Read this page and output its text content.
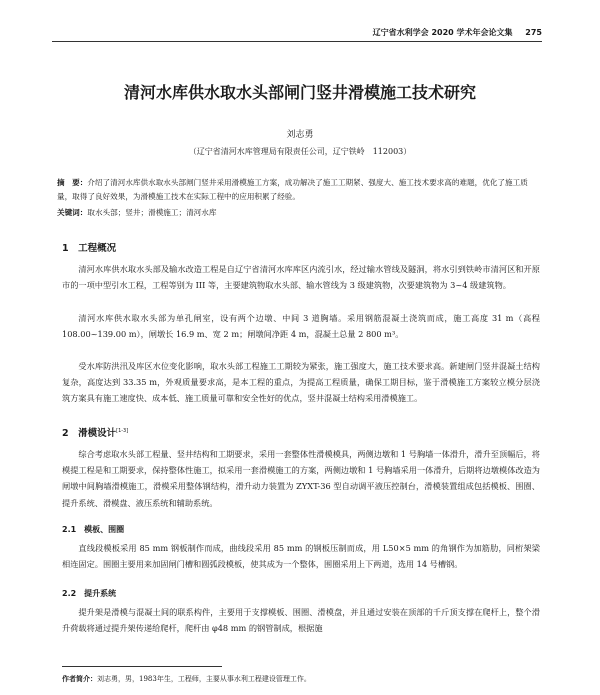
辽宁省水利学会 2020 学术年会论文集 275
清河水库供水取水头部闸门竖井滑模施工技术研究
刘志勇
（辽宁省清河水库管理局有限责任公司，辽宁铁岭　112003）
摘　要：介绍了清河水库供水取水头部闸门竖井采用滑模施工方案，成功解决了施工工期紧、强度大、施工技术要求高的难题，优化了施工质量，取得了良好效果，为滑模施工技术在实际工程中的应用积累了经验。
关键词：取水头部；竖井；滑模施工；清河水库
1　工程概况

清河水库供水取水头部及输水改造工程是自辽宁省清河水库库区内流引水，经过输水管线及隧洞，将水引到铁岭市清河区和开原市的一项中型引水工程，工程等别为 III 等，主要建筑物取水头部、输水管线为 3 级建筑物，次要建筑物为 3~4 级建筑物。

清河水库供水取水头部为单孔闸室，设有两个边墩、中间 3 道胸墙。采用钢筋混凝土浇筑而成，施工高度 31 m（高程 108.00~139.00 m），闸墩长 16.9 m、宽 2 m；闸墩间净距 4 m，混凝土总量 2 800 m³。

受水库防洪汛及库区水位变化影响，取水头部工程施工工期较为紧张，施工强度大，施工技术要求高。新建闸门竖井混凝土结构复杂，高度达到 33.35 m，外观质量要求高，是本工程的重点，为提高工程质量，确保工期目标，鉴于滑模施工方案较立模分层浇筑方案具有施工速度快、成本低、施工质量可靠和安全性好的优点，竖井混凝土结构采用滑模施工。

2　滑模设计[1-3]

综合考虑取水头部工程量、竖井结构和工期要求，采用一套整体性滑模模具，两侧边墩和 1 号胸墙一体滑升，滑升至顶幅后，将模提工程是和工期要求，保持整体性施工，拟采用一套滑模施工的方案，两侧边墩和 1 号胸墙采用一体滑升，后期将边墩模体改造为闸墩中间胸墙滑模施工，滑模采用整体钢结构，滑升动力装置为 ZYXT-36 型自动调平液压控制台，滑模装置组成包括模板、围圈、提升系统、滑模盘、液压系统和辅助系统。

2.1　模板、围圈

直线段模板采用 85 mm 钢板制作而成，曲线段采用 85 mm 的钢板压制而成，用 L50×5 mm 的角钢作为加筋肋，同桁架梁相连固定。围圈主要用来加固闸门槽和圆弧段模板，使其成为一个整体，围圈采用上下两道，选用 14 号槽钢。

2.2　提升系统

提升架是滑模与混凝土间的联系构件，主要用于支撑模板、围圈、滑模盘，并且通过安装在顶部的千斤顶支撑在爬杆上，整个滑升荷载将通过提升架传递给爬杆，爬杆由 φ48 mm 的钢管制成，根据施

作者简介：刘志勇，男，1983年生，工程师，主要从事水利工程建设管理工作。
